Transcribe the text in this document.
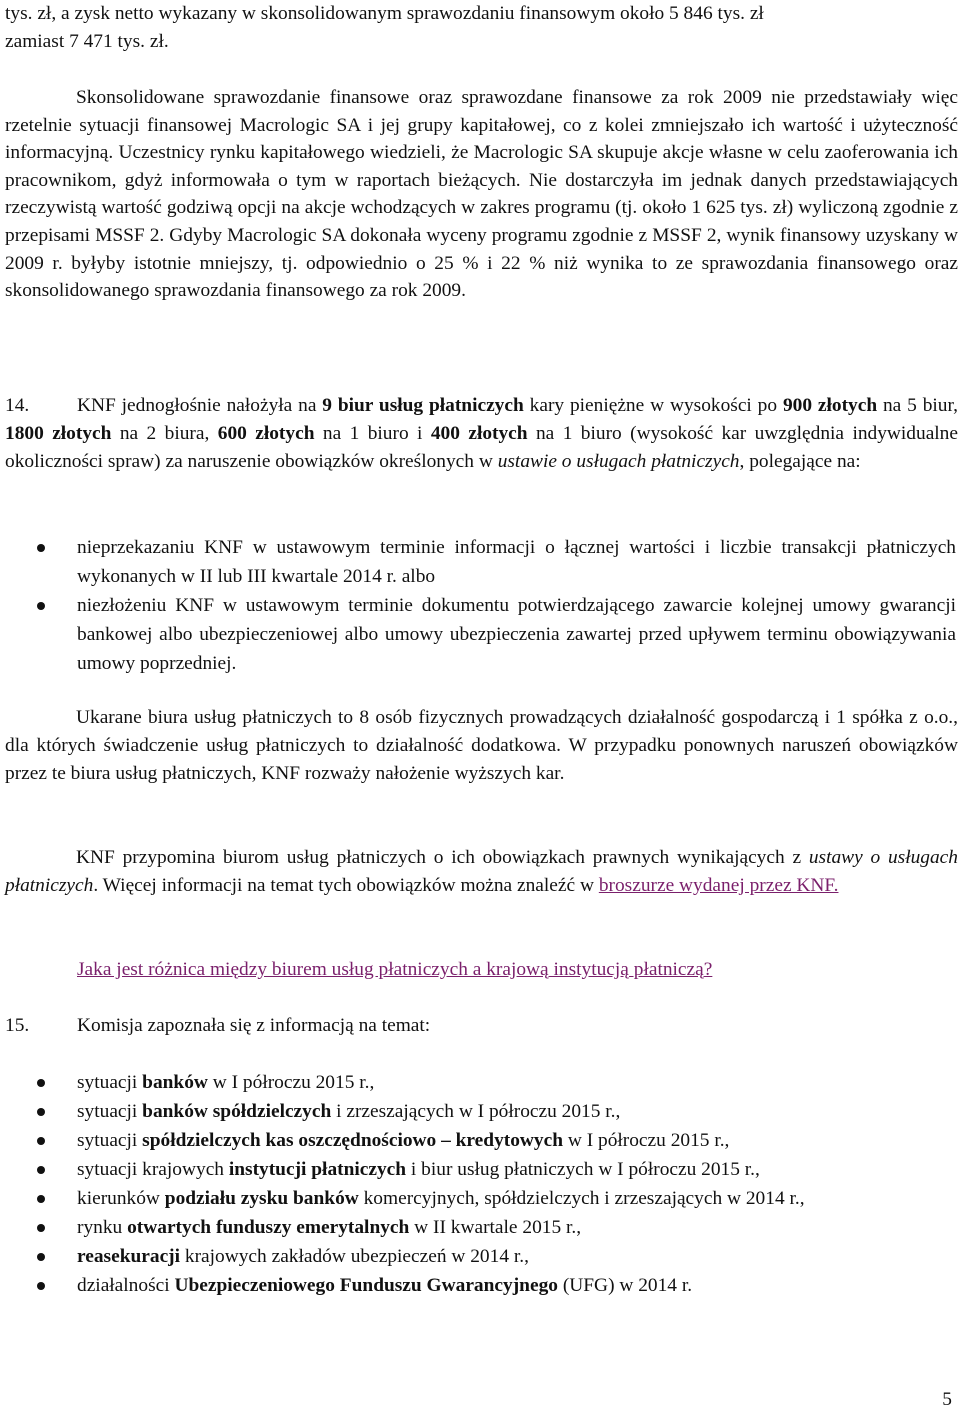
tys. zł, a zysk netto wykazany w skonsolidowanym sprawozdaniu finansowym około 5 846 tys. zł
zamiast 7 471 tys. zł.

Skonsolidowane sprawozdanie finansowe oraz sprawozdane finansowe za rok 2009 nie przedstawiały więc rzetelnie sytuacji finansowej Macrologic SA i jej grupy kapitałowej, co z kolei zmniejszało ich wartość i użyteczność informacyjną. Uczestnicy rynku kapitałowego wiedzieli, że Macrologic SA skupuje akcje własne w celu zaoferowania ich pracownikom, gdyż informowała o tym w raportach bieżących. Nie dostarczyła im jednak danych przedstawiających rzeczywistą wartość godziwą opcji na akcje wchodzących w zakres programu (tj. około 1 625 tys. zł) wyliczoną zgodnie z przepisami MSSF 2. Gdyby Macrologic SA dokonała wyceny programu zgodnie z MSSF 2, wynik finansowy uzyskany w 2009 r. byłyby istotnie mniejszy, tj. odpowiednio o 25 % i 22 % niż wynika to ze sprawozdania finansowego oraz skonsolidowanego sprawozdania finansowego za rok 2009.

14.	KNF jednogłośnie nałożyła na 9 biur usług płatniczych kary pieniężne w wysokości po 900 złotych na 5 biur, 1800 złotych na 2 biura, 600 złotych na 1 biuro i 400 złotych na 1 biuro (wysokość kar uwzględnia indywidualne okoliczności spraw) za naruszenie obowiązków określonych w ustawie o usługach płatniczych, polegające na:

nieprzekazaniu KNF w ustawowym terminie informacji o łącznej wartości i liczbie transakcji płatniczych wykonanych w II lub III kwartale 2014 r. albo
niezłożeniu KNF w ustawowym terminie dokumentu potwierdzającego zawarcie kolejnej umowy gwarancji bankowej albo ubezpieczeniowej albo umowy ubezpieczenia zawartej przed upływem terminu obowiązywania umowy poprzedniej.

Ukarane biura usług płatniczych to 8 osób fizycznych prowadzących działalność gospodarczą i 1 spółka z o.o., dla których świadczenie usług płatniczych to działalność dodatkowa. W przypadku ponownych naruszeń obowiązków przez te biura usług płatniczych, KNF rozważy nałożenie wyższych kar.

KNF przypomina biurom usług płatniczych o ich obowiązkach prawnych wynikających z ustawy o usługach płatniczych. Więcej informacji na temat tych obowiązków można znaleźć w broszurze wydanej przez KNF.

Jaka jest różnica między biurem usług płatniczych a krajową instytucją płatniczą?

15. Komisja zapoznała się z informacją na temat:

sytuacji banków w I półroczu 2015 r.,
sytuacji banków spółdzielczych i zrzeszających w I półroczu 2015 r.,
sytuacji spółdzielczych kas oszczędnościowo – kredytowych w I półroczu 2015 r.,
sytuacji krajowych instytucji płatniczych i biur usług płatniczych w I półroczu 2015 r.,
kierunków podziału zysku banków komercyjnych, spółdzielczych i zrzeszających w 2014 r.,
rynku otwartych funduszy emerytalnych w II kwartale 2015 r.,
reasekuracji krajowych zakładów ubezpieczeń w 2014 r.,
działalności Ubezpieczeniowego Funduszu Gwarancyjnego (UFG) w 2014 r.
5
